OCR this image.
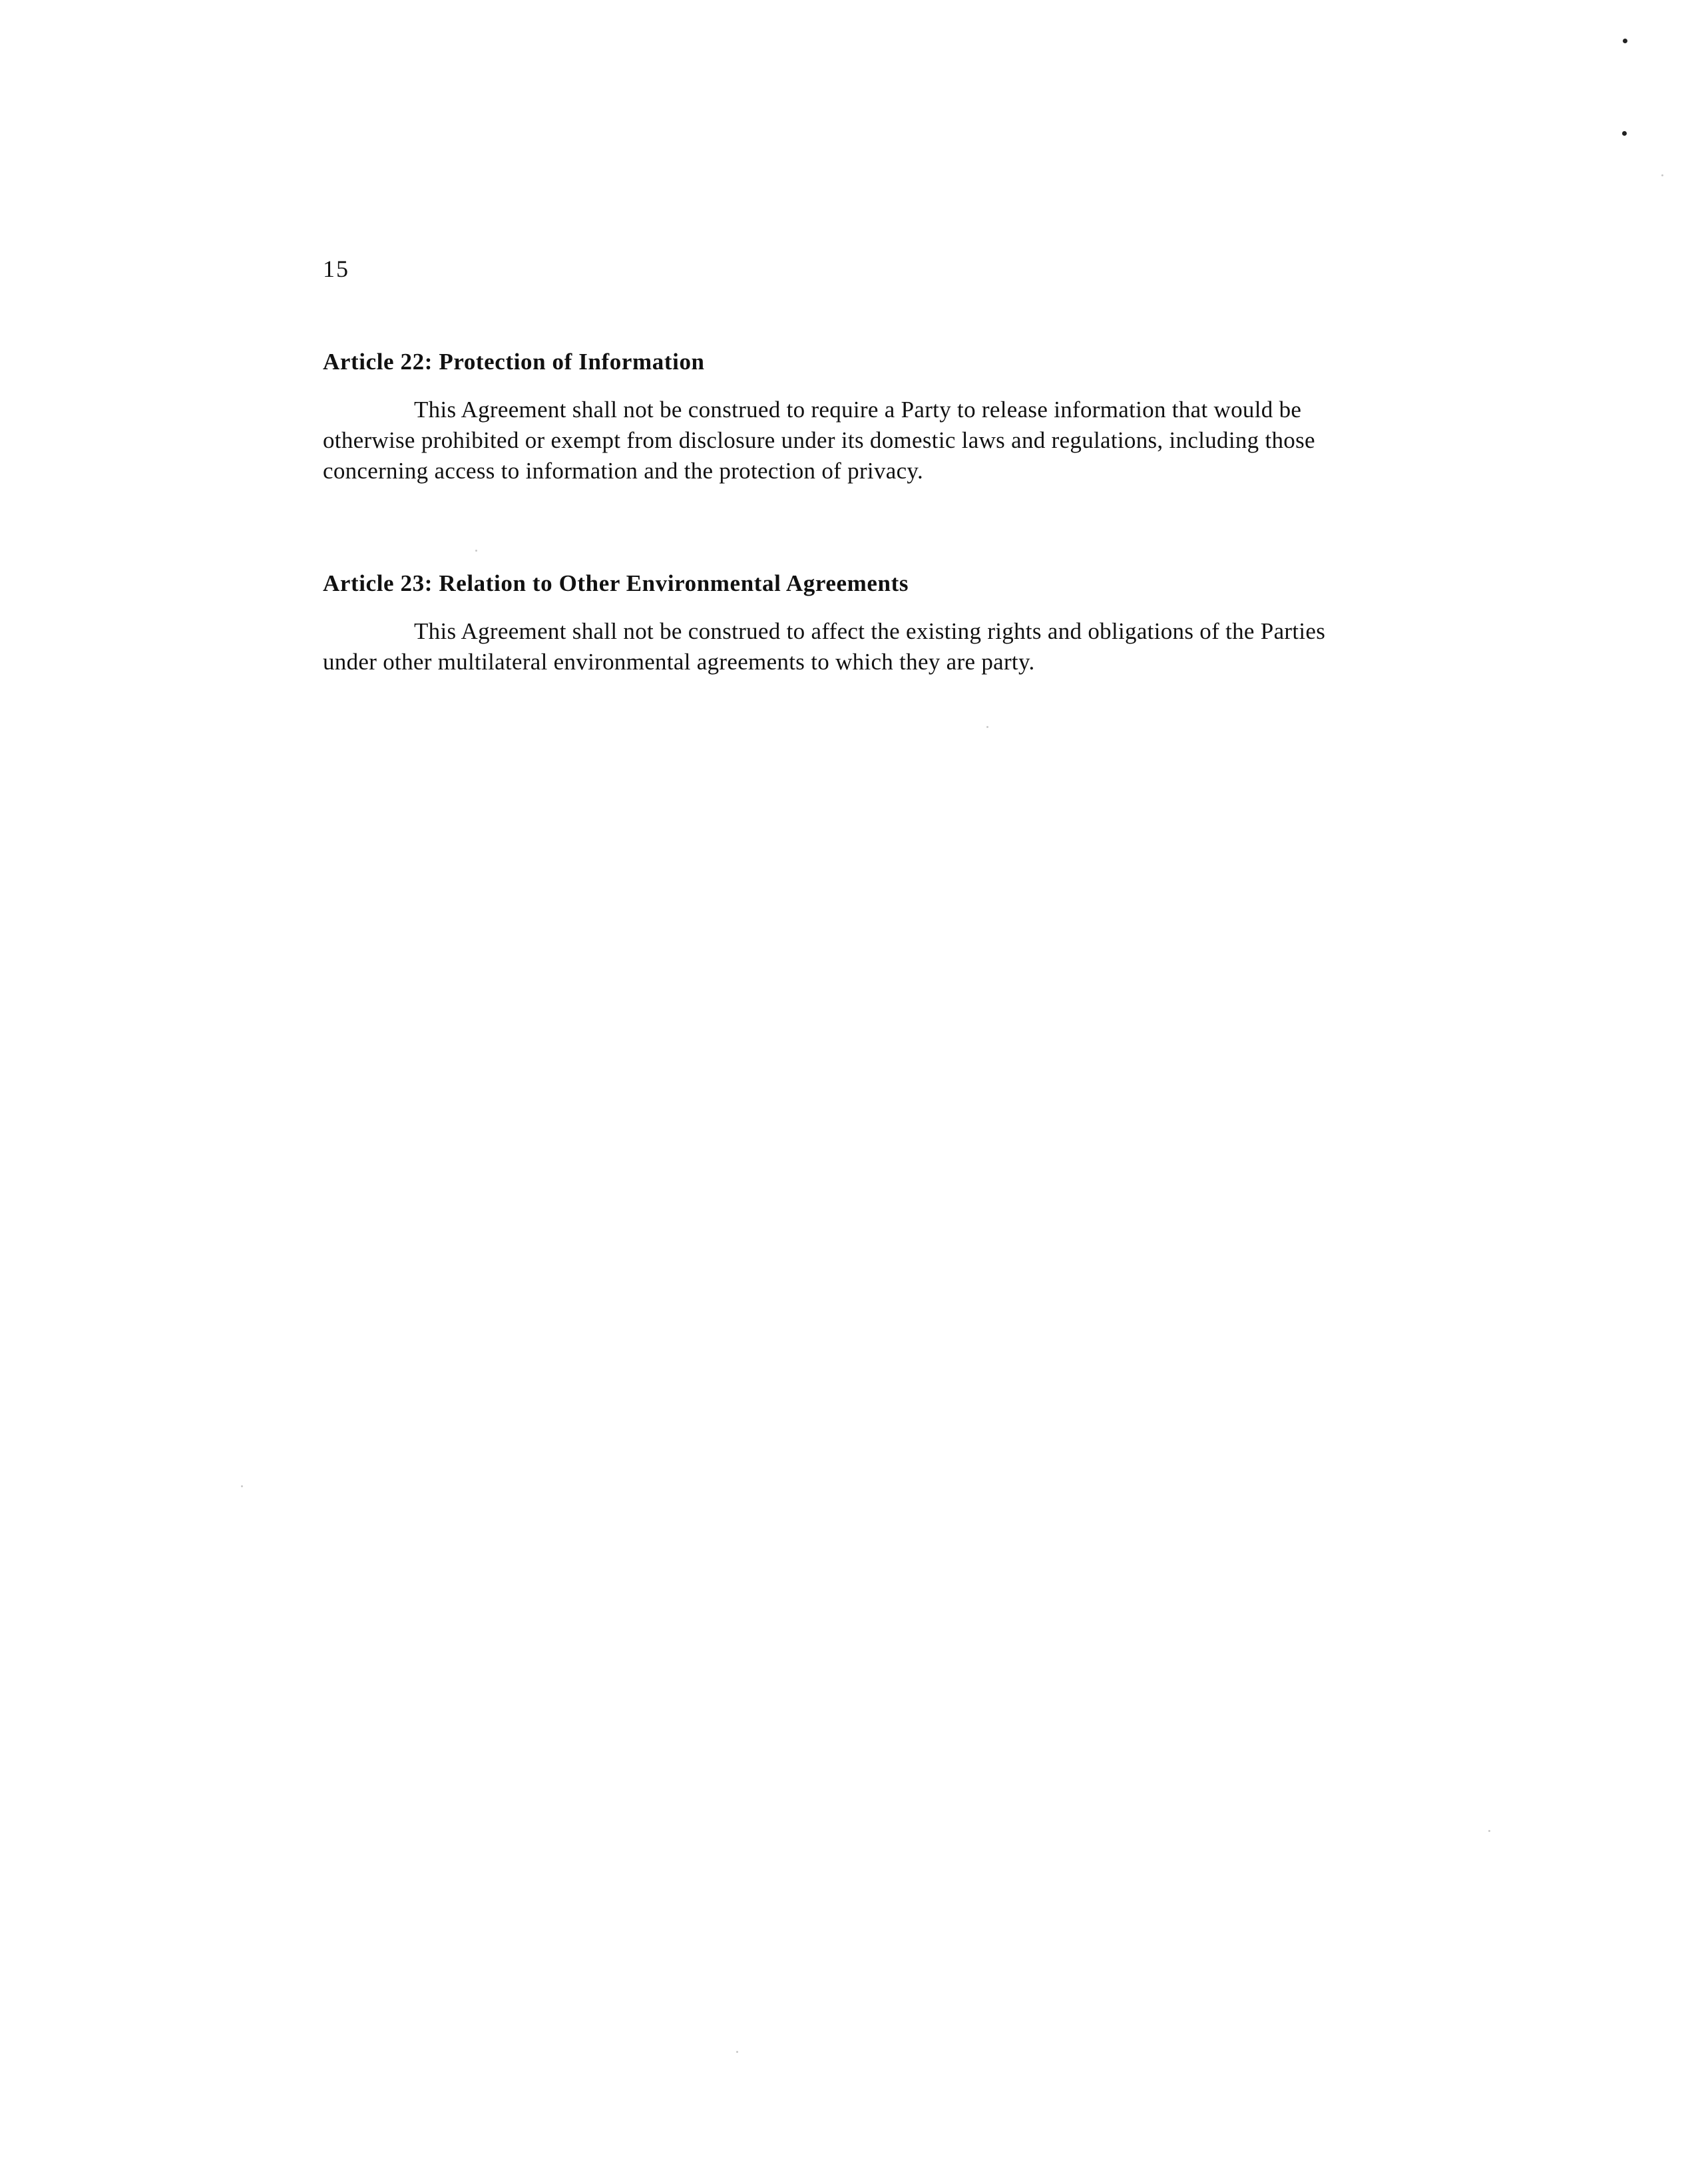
15
Article 22: Protection of Information

This Agreement shall not be construed to require a Party to release information that would be otherwise prohibited or exempt from disclosure under its domestic laws and regulations, including those concerning access to information and the protection of privacy.

Article 23: Relation to Other Environmental Agreements

This Agreement shall not be construed to affect the existing rights and obligations of the Parties under other multilateral environmental agreements to which they are party.
